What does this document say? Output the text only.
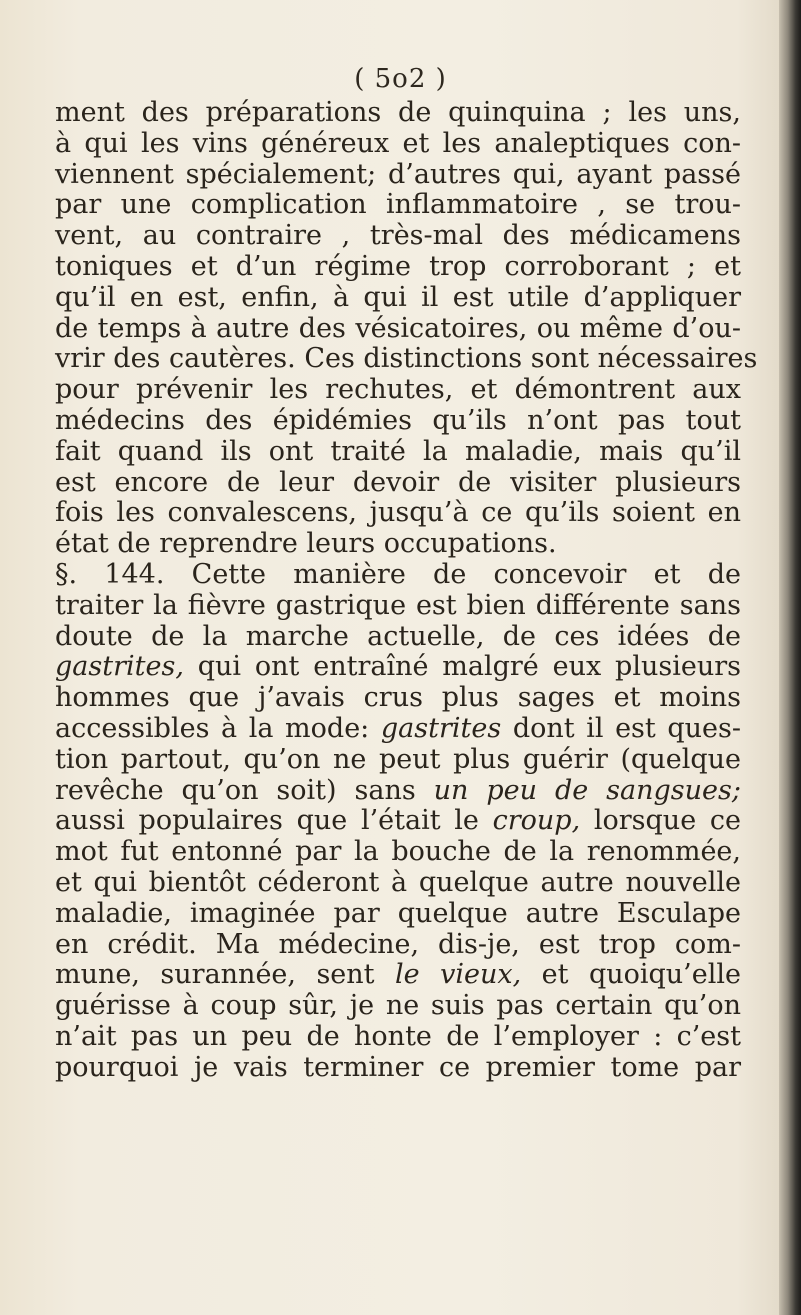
( 5o2 )
ment des préparations de quinquina ; les uns,
à qui les vins généreux et les analeptiques con-
viennent spécialement; d’autres qui, ayant passé
par une complication inflammatoire , se trou-
vent, au contraire , très-mal des médicamens
toniques et d’un régime trop corroborant ; et
qu’il en est, enfin, à qui il est utile d’appliquer
de temps à autre des vésicatoires, ou même d’ou-
vrir des cautères. Ces distinctions sont nécessaires
pour prévenir les rechutes, et démontrent aux
médecins des épidémies qu’ils n’ont pas tout
fait quand ils ont traité la maladie, mais qu’il
est encore de leur devoir de visiter plusieurs
fois les convalescens, jusqu’à ce qu’ils soient en
état de reprendre leurs occupations.
§. 144. Cette manière de concevoir et de
traiter la fièvre gastrique est bien différente sans
doute de la marche actuelle, de ces idées de
gastrites, qui ont entraîné malgré eux plusieurs
hommes que j’avais crus plus sages et moins
accessibles à la mode: gastrites dont il est ques-
tion partout, qu’on ne peut plus guérir (quelque
revêche qu’on soit) sans un peu de sangsues;
aussi populaires que l’était le croup, lorsque ce
mot fut entonné par la bouche de la renommée,
et qui bientôt céderont à quelque autre nouvelle
maladie, imaginée par quelque autre Esculape
en crédit. Ma médecine, dis-je, est trop com-
mune, surannée, sent le vieux, et quoiqu’elle
guérisse à coup sûr, je ne suis pas certain qu’on
n’ait pas un peu de honte de l’employer : c’est
pourquoi je vais terminer ce premier tome par
